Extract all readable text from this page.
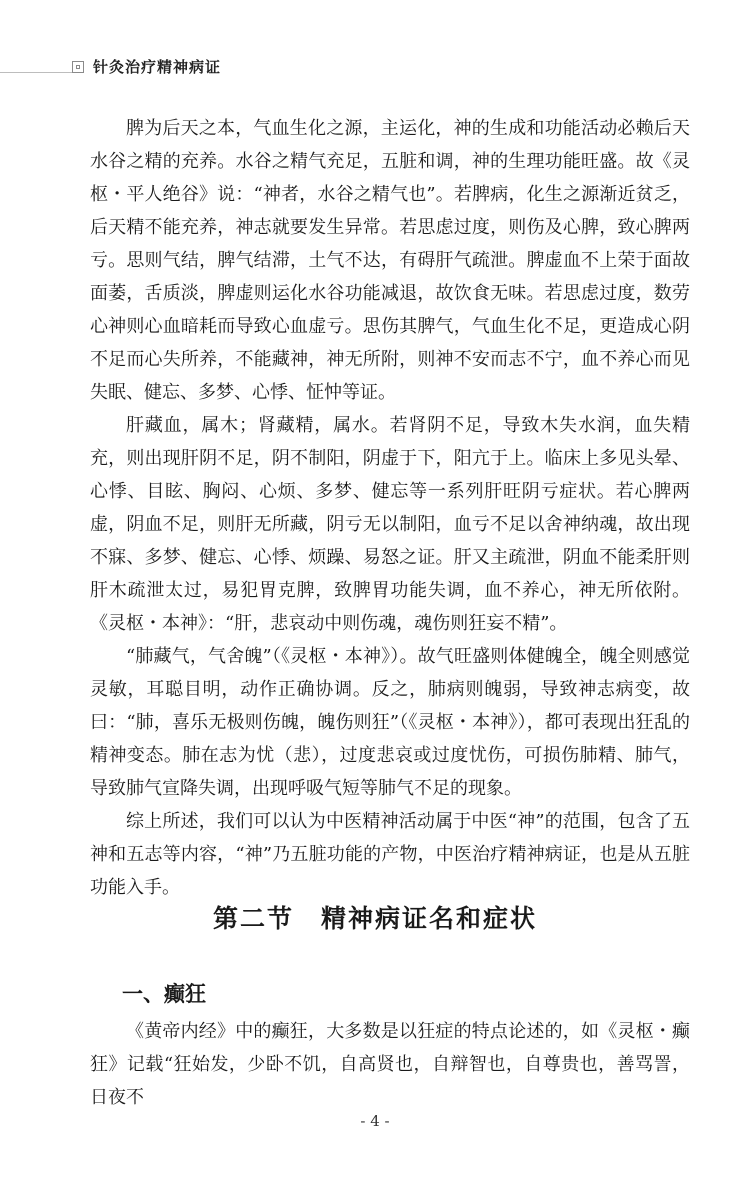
针灸治疗精神病证

脾为后天之本，气血生化之源，主运化，神的生成和功能活动必赖后天水谷之精的充养。水谷之精气充足，五脏和调，神的生理功能旺盛。故《灵枢・平人绝谷》说：“神者，水谷之精气也”。若脾病，化生之源渐近贫乏，后天精不能充养，神志就要发生异常。若思虑过度，则伤及心脾，致心脾两亏。思则气结，脾气结滞，土气不达，有碍肝气疏泄。脾虚血不上荣于面故面萎，舌质淡，脾虚则运化水谷功能减退，故饮食无味。若思虑过度，数劳心神则心血暗耗而导致心血虚亏。思伤其脾气，气血生化不足，更造成心阴不足而心失所养，不能藏神，神无所附，则神不安而志不宁，血不养心而见失眠、健忘、多梦、心悸、怔忡等证。

肝藏血，属木；肾藏精，属水。若肾阴不足，导致木失水润，血失精充，则出现肝阴不足，阴不制阳，阴虚于下，阳亢于上。临床上多见头晕、心悸、目眩、胸闷、心烦、多梦、健忘等一系列肝旺阴亏症状。若心脾两虚，阴血不足，则肝无所藏，阴亏无以制阳，血亏不足以舍神纳魂，故出现不寐、多梦、健忘、心悸、烦躁、易怒之证。肝又主疏泄，阴血不能柔肝则肝木疏泄太过，易犯胃克脾，致脾胃功能失调，血不养心，神无所依附。《灵枢・本神》：“肝，悲哀动中则伤魂，魂伤则狂妄不精”。

“肺藏气，气舍魄”（《灵枢・本神》）。故气旺盛则体健魄全，魄全则感觉灵敏，耳聪目明，动作正确协调。反之，肺病则魄弱，导致神志病变，故曰：“肺，喜乐无极则伤魄，魄伤则狂”（《灵枢・本神》），都可表现出狂乱的精神变态。肺在志为忧（悲），过度悲哀或过度忧伤，可损伤肺精、肺气，导致肺气宣降失调，出现呼吸气短等肺气不足的现象。

综上所述，我们可以认为中医精神活动属于中医“神”的范围，包含了五神和五志等内容，“神”乃五脏功能的产物，中医治疗精神病证，也是从五脏功能入手。

第二节　精神病证名和症状
一、癫狂

《黄帝内经》中的癫狂，大多数是以狂症的特点论述的，如《灵枢・癫狂》记载“狂始发，少卧不饥，自高贤也，自辩智也，自尊贵也，善骂詈，日夜不

- 4 -
